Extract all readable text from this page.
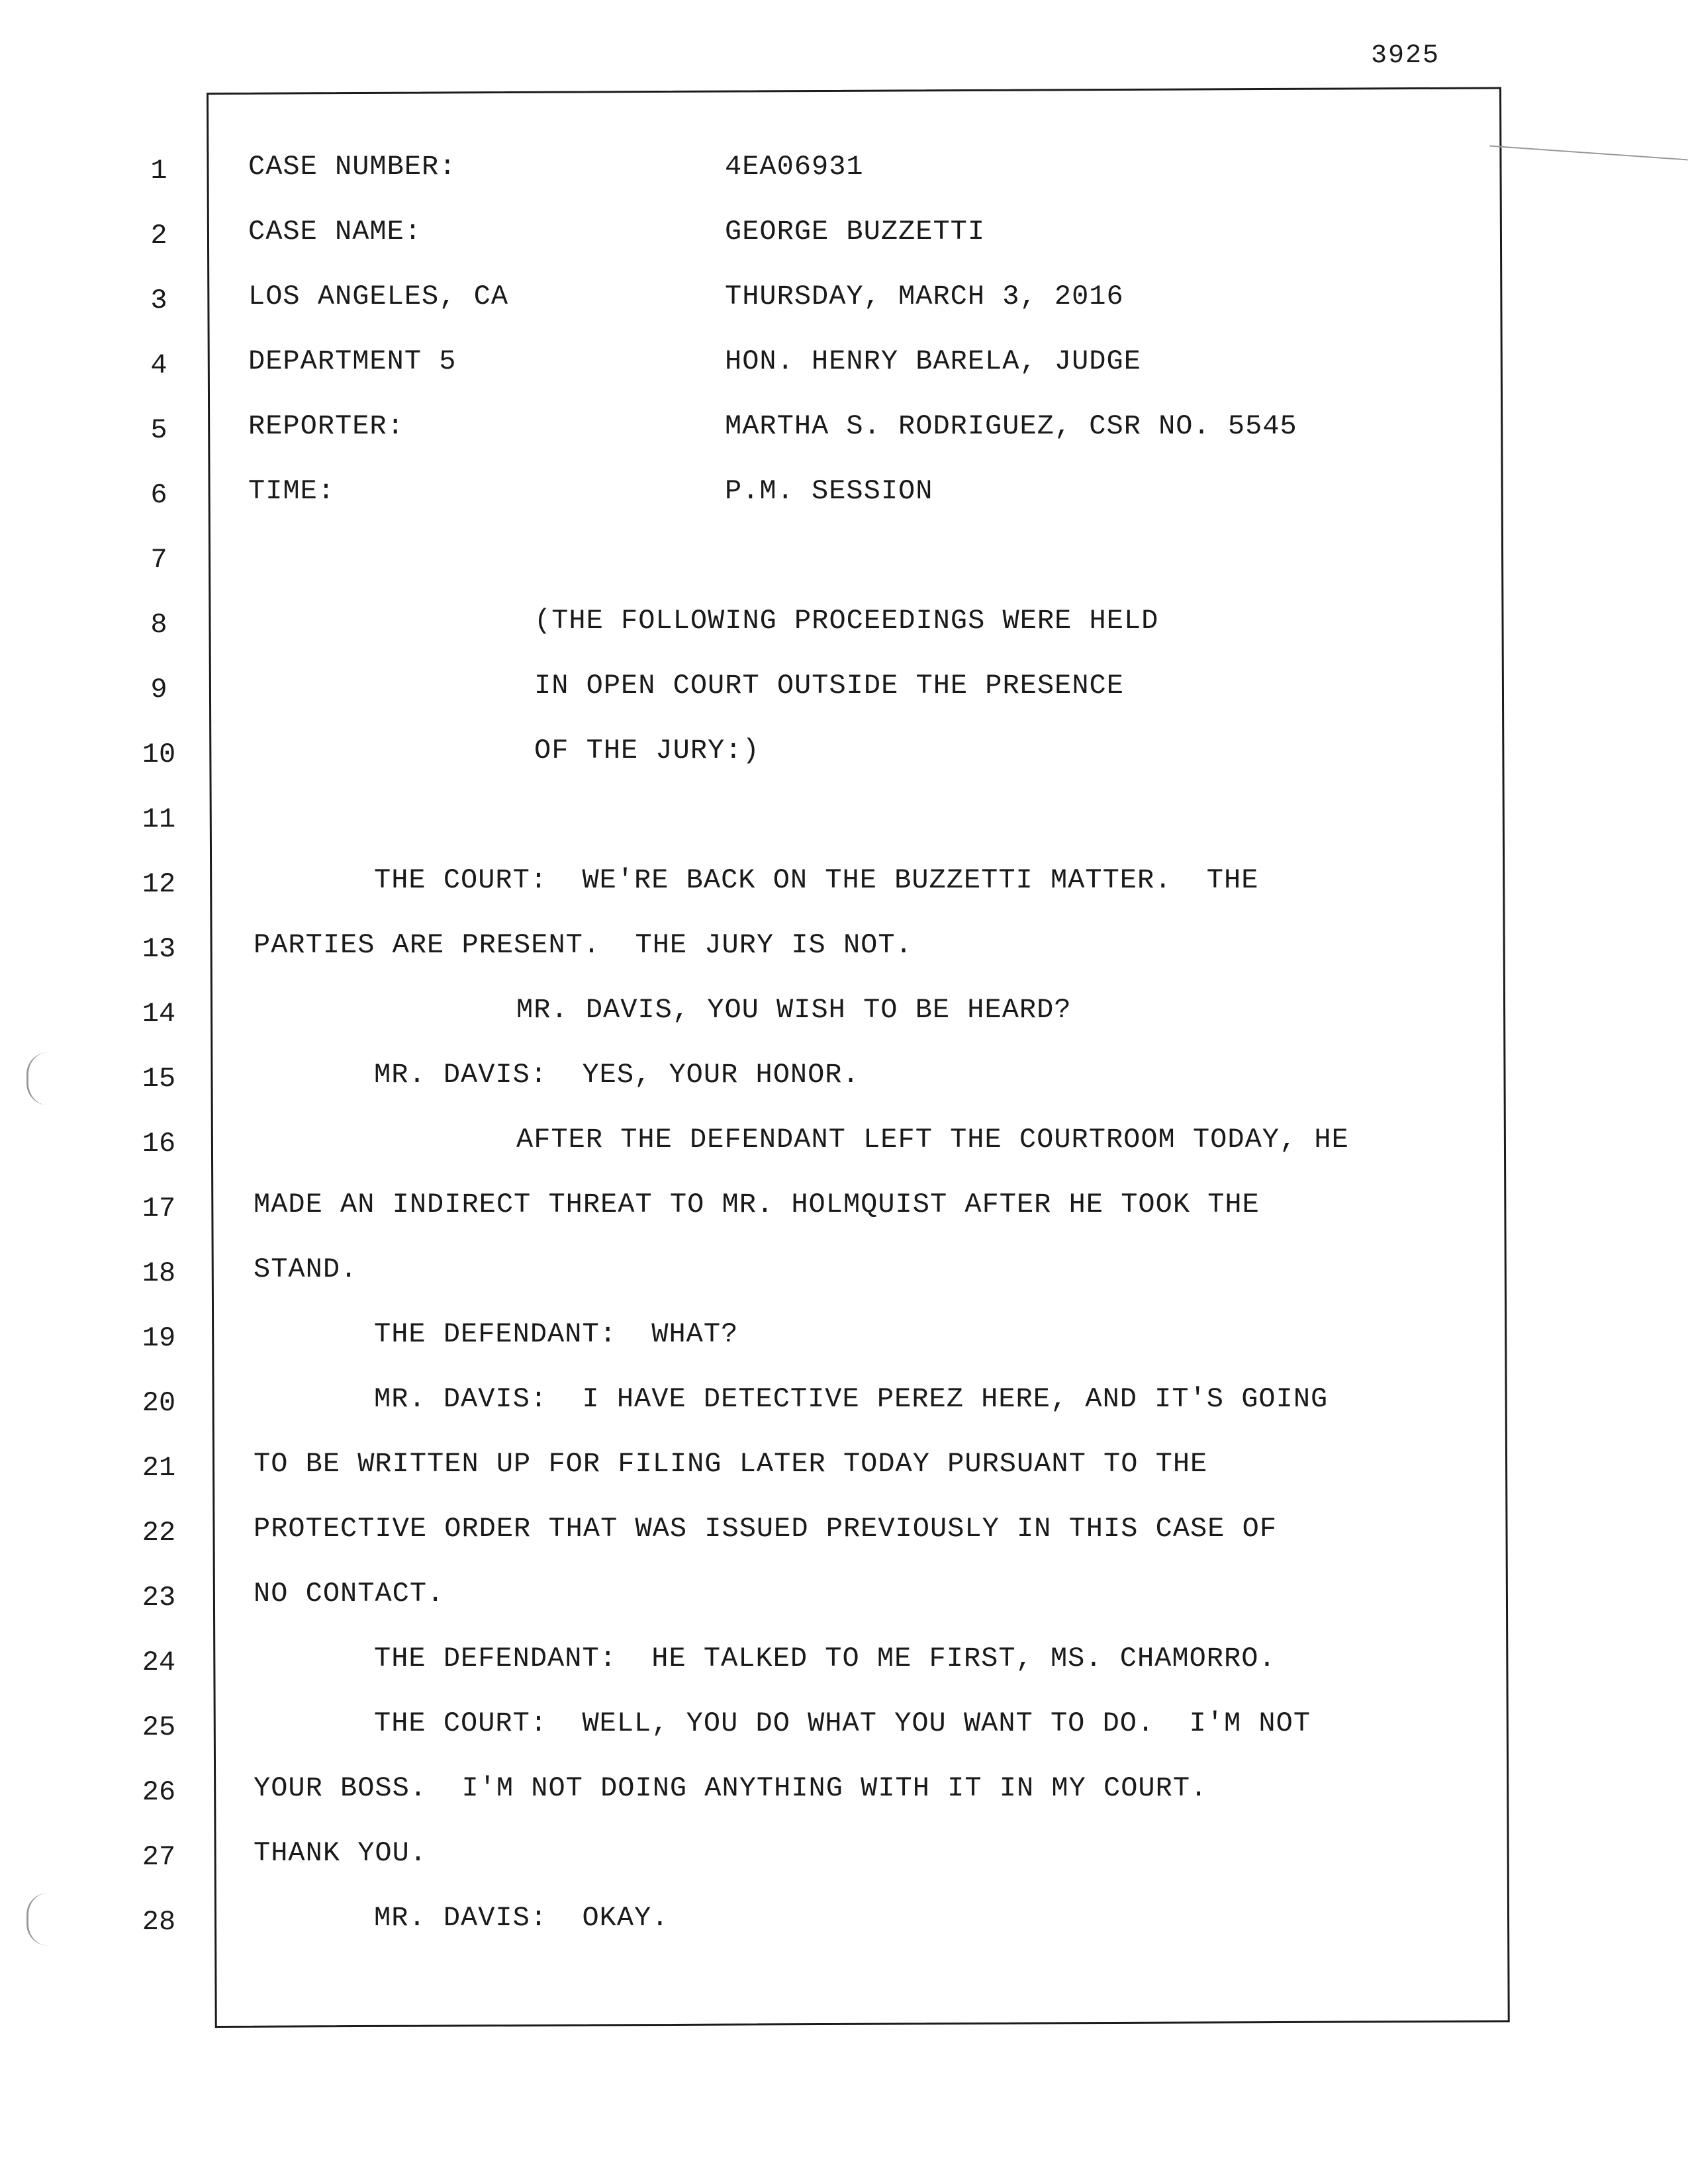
3925
1
2
3
4
5
6
7
8
9
10
11
12
13
14
15
16
17
18
19
20
21
22
23
24
25
26
27
28
CASE NUMBER:	4EA06931
CASE NAME:	GEORGE BUZZETTI
LOS ANGELES, CA	THURSDAY, MARCH 3, 2016
DEPARTMENT 5	HON. HENRY BARELA, JUDGE
REPORTER:	MARTHA S. RODRIGUEZ, CSR NO. 5545
TIME:	P.M. SESSION
(THE FOLLOWING PROCEEDINGS WERE HELD
IN OPEN COURT OUTSIDE THE PRESENCE
OF THE JURY:)
THE COURT:  WE'RE BACK ON THE BUZZETTI MATTER.  THE
PARTIES ARE PRESENT.  THE JURY IS NOT.
MR. DAVIS, YOU WISH TO BE HEARD?
MR. DAVIS:  YES, YOUR HONOR.
AFTER THE DEFENDANT LEFT THE COURTROOM TODAY, HE
MADE AN INDIRECT THREAT TO MR. HOLMQUIST AFTER HE TOOK THE
STAND.
THE DEFENDANT:  WHAT?
MR. DAVIS:  I HAVE DETECTIVE PEREZ HERE, AND IT'S GOING
TO BE WRITTEN UP FOR FILING LATER TODAY PURSUANT TO THE
PROTECTIVE ORDER THAT WAS ISSUED PREVIOUSLY IN THIS CASE OF
NO CONTACT.
THE DEFENDANT:  HE TALKED TO ME FIRST, MS. CHAMORRO.
THE COURT:  WELL, YOU DO WHAT YOU WANT TO DO.  I'M NOT
YOUR BOSS.  I'M NOT DOING ANYTHING WITH IT IN MY COURT.
THANK YOU.
MR. DAVIS:  OKAY.
